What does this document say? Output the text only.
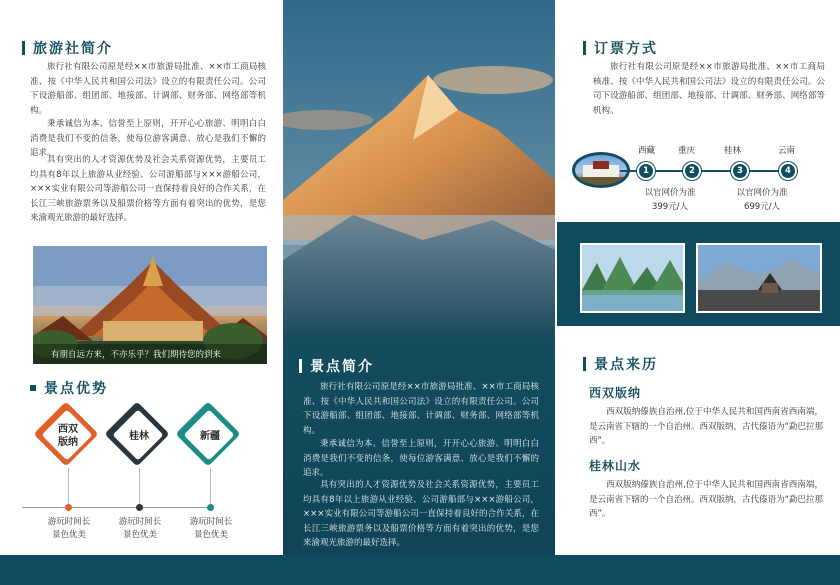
旅游社简介
旅行社有限公司原是经××市旅游局批准、××市工商局核准、按《中华人民共和国公司法》设立的有限责任公司。公司下设游船部、组团部、地接部、计调部、财务部、网络部等机构。
秉承诚信为本、信誉至上原则，开开心心旅游、明明白白消费是我们不变的信条，使每位游客满意、放心是我们不懈的追求。
具有突出的人才资源优势及社会关系资源优势，主要员工均具有8年以上旅游从业经验、公司游船部与×××游船公司，×××实业有限公司等游船公司一直保持着良好的合作关系，在长江三峡旅游票务以及船票价格等方面有着突出的优势，是您来渝观光旅游的最好选择。
有朋自远方来，不亦乐乎？我们期待您的到来
景点优势
西双版纳
桂林	新疆
游玩时间长
景色优美
游玩时间长
景色优美
游玩时间长
景色优美
景点简介
旅行社有限公司原是经××市旅游局批准、××市工商局核准、按《中华人民共和国公司法》设立的有限责任公司。公司下设游船部、组团部、地接部、计调部、财务部、网络部等机构。
秉承诚信为本、信誉至上原则，开开心心旅游、明明白白消费是我们不变的信条，使每位游客满意、放心是我们不懈的追求。
具有突出的人才资源优势及社会关系资源优势，主要员工均具有8年以上旅游从业经验、公司游船部与×××游船公司，×××实业有限公司等游船公司一直保持着良好的合作关系，在长江三峡旅游票务以及船票价格等方面有着突出的优势，是您来渝观光旅游的最好选择。
订票方式
旅行社有限公司原是经××市旅游局批准、××市工商局核准、按《中华人民共和国公司法》设立的有限责任公司。公司下设游船部、组团部、地接部、计调部、财务部、网络部等机构。
西藏	重庆	桂林	云南
1	2	3	4
以官网价为准
399元/人
以官网价为准
699元/人
景点来历
西双版纳
西双版纳傣族自治州,位于中华人民共和国西南省西南端，是云南省下辖的一个自治州。西双版纳，古代傣语为“勐巴拉那西”。
桂林山水
西双版纳傣族自治州,位于中华人民共和国西南省西南端，是云南省下辖的一个自治州。西双版纳，古代傣语为“勐巴拉那西”。
